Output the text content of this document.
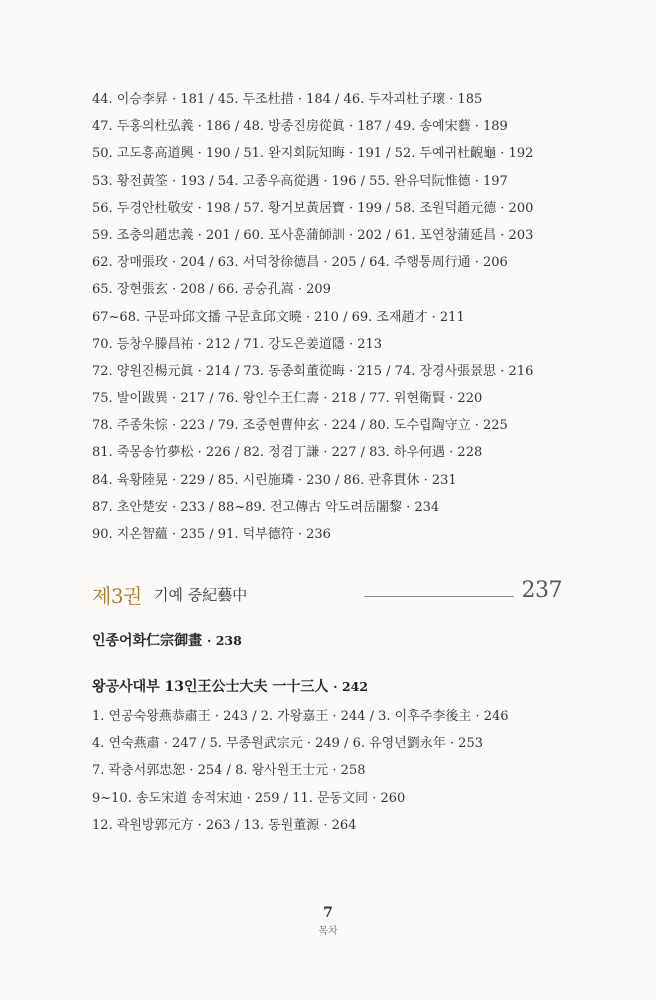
44. 이승李昇 · 181 / 45. 두조杜措 · 184 / 46. 두자괴杜子瓌 · 185
47. 두홍의杜弘義 · 186 / 48. 방종진房從眞 · 187 / 49. 송예宋藝 · 189
50. 고도흥高道興 · 190 / 51. 완지회阮知晦 · 191 / 52. 두예귀杜齯龜 · 192
53. 황전黃筌 · 193 / 54. 고종우高從遇 · 196 / 55. 완유덕阮惟德 · 197
56. 두경안杜敬安 · 198 / 57. 황거보黃居寶 · 199 / 58. 조원덕趙元德 · 200
59. 조충의趙忠義 · 201 / 60. 포사훈蒲師訓 · 202 / 61. 포연창蒲延昌 · 203
62. 장매張玫 · 204 / 63. 서덕창徐德昌 · 205 / 64. 주행통周行通 · 206
65. 장현張玄 · 208 / 66. 공숭孔嵩 · 209
67~68. 구문파邱文播 구문효邱文曉 · 210 / 69. 조재趙才 · 211
70. 등창우滕昌祐 · 212 / 71. 강도은姜道隱 · 213
72. 양원진楊元眞 · 214 / 73. 동종회董從晦 · 215 / 74. 장경사張景思 · 216
75. 발이跋異 · 217 / 76. 왕인수王仁壽 · 218 / 77. 위현衛賢 · 220
78. 주종朱悰 · 223 / 79. 조중현曹仲玄 · 224 / 80. 도수립陶守立 · 225
81. 죽몽송竹夢松 · 226 / 82. 정겸丁謙 · 227 / 83. 하우何遇 · 228
84. 육황陸晃 · 229 / 85. 시린施璘 · 230 / 86. 관휴貫休 · 231
87. 초안楚安 · 233 / 88~89. 전고傳古 악도려岳闍黎 · 234
90. 지온智蘊 · 235 / 91. 덕부德符 · 236
제3권 기예 중紀藝中	237
인종어화仁宗御畫 · 238
왕공사대부 13인王公士大夫 一十三人 · 242
1. 연공숙왕燕恭肅王 · 243 / 2. 가왕嘉王 · 244 / 3. 이후주李後主 · 246
4. 연숙燕肅 · 247 / 5. 무종원武宗元 · 249 / 6. 유영년劉永年 · 253
7. 곽충서郭忠恕 · 254 / 8. 왕사원王士元 · 258
9~10. 송도宋道 송적宋迪 · 259 / 11. 문동文同 · 260
12. 곽원방郭元方 · 263 / 13. 동원董源 · 264
7
목차
